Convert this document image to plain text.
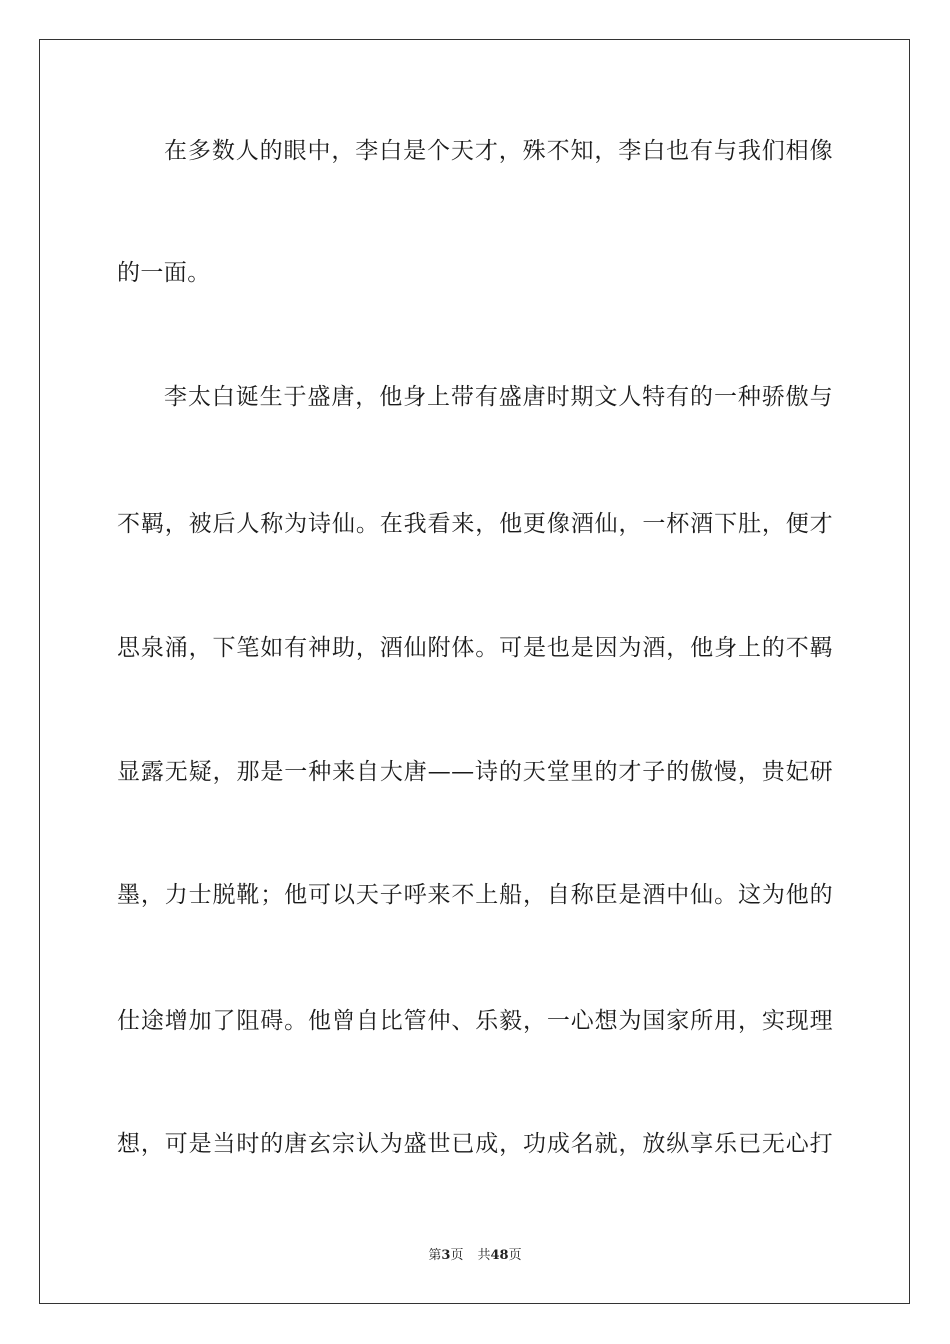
在多数人的眼中，李白是个天才，殊不知，李白也有与我们相像
的一面。
李太白诞生于盛唐，他身上带有盛唐时期文人特有的一种骄傲与
不羁，被后人称为诗仙。在我看来，他更像酒仙，一杯酒下肚，便才
思泉涌，下笔如有神助，酒仙附体。可是也是因为酒，他身上的不羁
显露无疑，那是一种来自大唐——诗的天堂里的才子的傲慢，贵妃研
墨，力士脱靴；他可以天子呼来不上船，自称臣是酒中仙。这为他的
仕途增加了阻碍。他曾自比管仲、乐毅，一心想为国家所用，实现理
想，可是当时的唐玄宗认为盛世已成，功成名就，放纵享乐已无心打
第3页 共48页
